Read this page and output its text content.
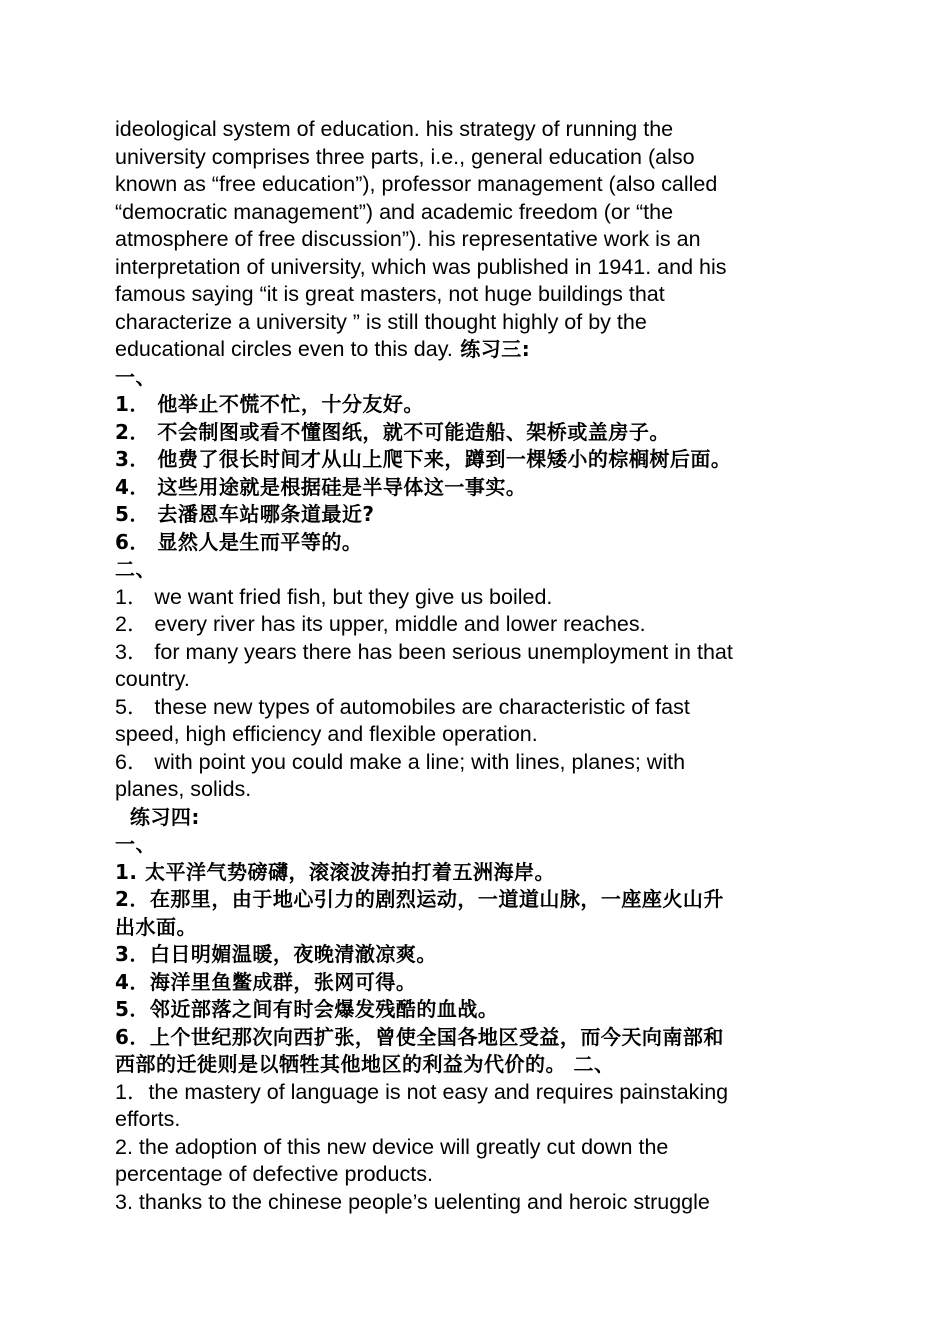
ideological system of education. his strategy of running the
university comprises three parts, i.e., general education (also
known as “free education”), professor management (also called
“democratic management”) and academic freedom (or “the
atmosphere of free discussion”). his representative work is an
interpretation of university, which was published in 1941. and his
famous saying “it is great masters, not huge buildings that
characterize a university ” is still thought highly of by the
educational circles even to this day. 练习三:
一、
1． 他举止不慌不忙，十分友好。
2． 不会制图或看不懂图纸，就不可能造船、架桥或盖房子。
3． 他费了很长时间才从山上爬下来，蹲到一棵矮小的棕榈树后面。
4． 这些用途就是根据硅是半导体这一事实。
5． 去潘恩车站哪条道最近?
6． 显然人是生而平等的。
二、
1． we want fried fish, but they give us boiled.
2． every river has its upper, middle and lower reaches.
3． for many years there has been serious unemployment in that
country.
5． these new types of automobiles are characteristic of fast
speed, high efficiency and flexible operation.
6． with point you could make a line; with lines, planes; with
planes, solids.
练习四:
一、
1. 太平洋气势磅礴，滚滚波涛拍打着五洲海岸。
2．在那里，由于地心引力的剧烈运动，一道道山脉，一座座火山升
出水面。
3．白日明媚温暖，夜晚清澈凉爽。
4．海洋里鱼鳖成群，张网可得。
5．邻近部落之间有时会爆发残酷的血战。
6．上个世纪那次向西扩张，曾使全国各地区受益，而今天向南部和
西部的迁徙则是以牺牲其他地区的利益为代价的。 二、
1．the mastery of language is not easy and requires painstaking
efforts.
2. the adoption of this new device will greatly cut down the
percentage of defective products.
3. thanks to the chinese people’s uelenting and heroic struggle
